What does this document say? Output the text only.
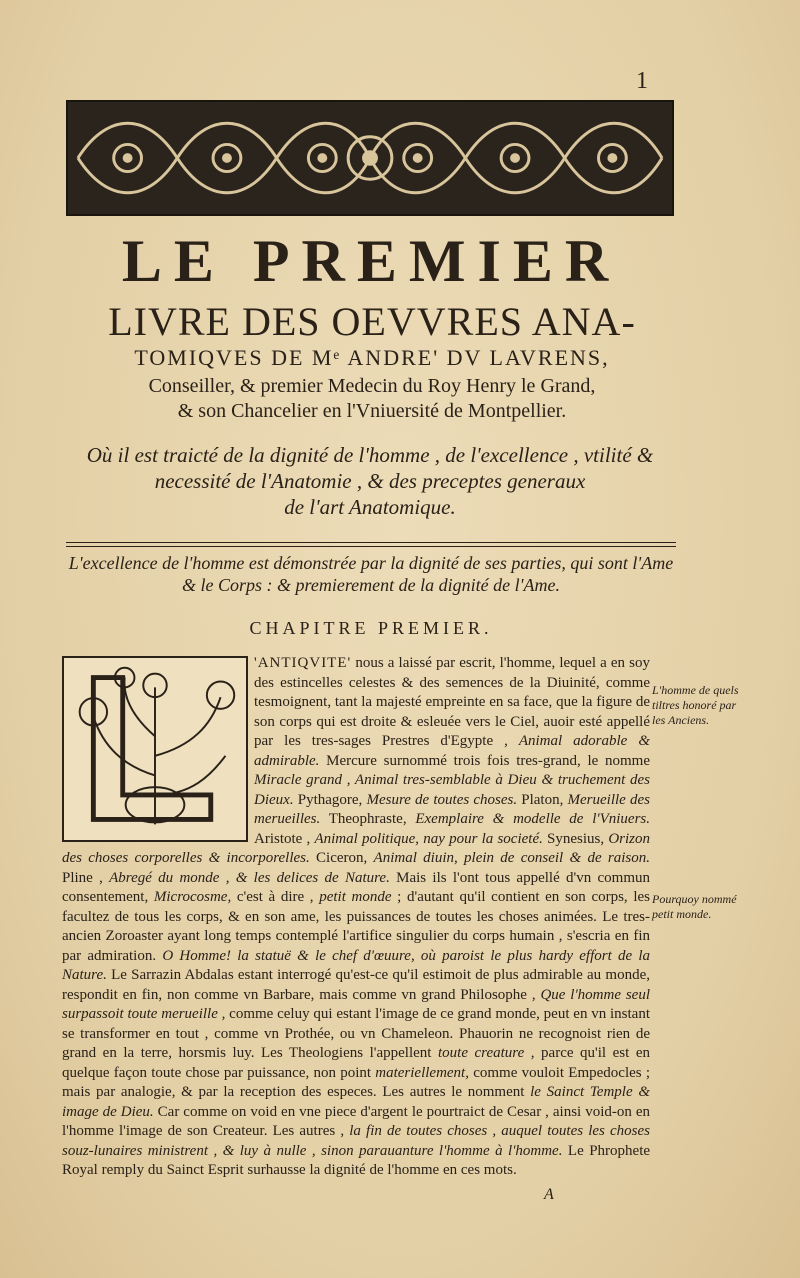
1
LE PREMIER
LIVRE DES OEVVRES ANA-
TOMIQVES DE Mᵉ ANDRE' DV LAVRENS,
Conseiller, & premier Medecin du Roy Henry le Grand,
& son Chancelier en l'Vniuersité de Montpellier.
Où il est traicté de la dignité de l'homme , de l'excellence , vtilité &
necessité de l'Anatomie , & des preceptes generaux
de l'art Anatomique.
L'excellence de l'homme est démonstrée par la dignité de ses parties, qui sont l'Ame
& le Corps : & premierement de la dignité de l'Ame.
CHAPITRE PREMIER.

'ANTIQVITE' nous a laissé par escrit, l'homme, lequel a en soy des estincelles celestes & des semences de la Diuinité, comme tesmoignent, tant la majesté empreinte en sa face, que la figure de son corps qui est droite & esleuée vers le Ciel, auoir esté appellé par les tres-sages Prestres d'Egypte , Animal adorable & admirable. Mercure surnommé trois fois tres-grand, le nomme Miracle grand , Animal tres-semblable à Dieu & truchement des Dieux. Pythagore, Mesure de toutes choses. Platon, Merueille des merueilles. Theophraste, Exemplaire & modelle de l'Vniuers. Aristote , Animal politique, nay pour la societé. Synesius, Orizon des choses corporelles & incorporelles. Ciceron, Animal diuin, plein de conseil & de raison. Pline , Abregé du monde , & les delices de Nature. Mais ils l'ont tous appellé d'vn commun consentement, Microcosme, c'est à dire , petit monde ; d'autant qu'il contient en son corps, les facultez de tous les corps, & en son ame, les puissances de toutes les choses animées. Le tres-ancien Zoroaster ayant long temps contemplé l'artifice singulier du corps humain , s'escria en fin par admiration. O Homme! la statuë & le chef d'œuure, où paroist le plus hardy effort de la Nature. Le Sarrazin Abdalas estant interrogé qu'est-ce qu'il estimoit de plus admirable au monde, respondit en fin, non comme vn Barbare, mais comme vn grand Philosophe , Que l'homme seul surpassoit toute merueille , comme celuy qui estant l'image de ce grand monde, peut en vn instant se transformer en tout , comme vn Prothée, ou vn Chameleon. Phauorin ne recognoist rien de grand en la terre, horsmis luy. Les Theologiens l'appellent toute creature , parce qu'il est en quelque façon toute chose par puissance, non point materiellement, comme vouloit Empedocles ; mais par analogie, & par la reception des especes. Les autres le nomment le Sainct Temple & image de Dieu. Car comme on void en vne piece d'argent le pourtraict de Cesar , ainsi void-on en l'homme l'image de son Createur. Les autres , la fin de toutes choses , auquel toutes les choses souz-lunaires ministrent , & luy à nulle , sinon parauanture l'homme à l'homme. Le Phrophete Royal remply du Sainct Esprit surhausse la dignité de l'homme en ces mots.

L'homme de quels tiltres honoré par les Anciens.
Pourquoy nommé petit monde.
A
